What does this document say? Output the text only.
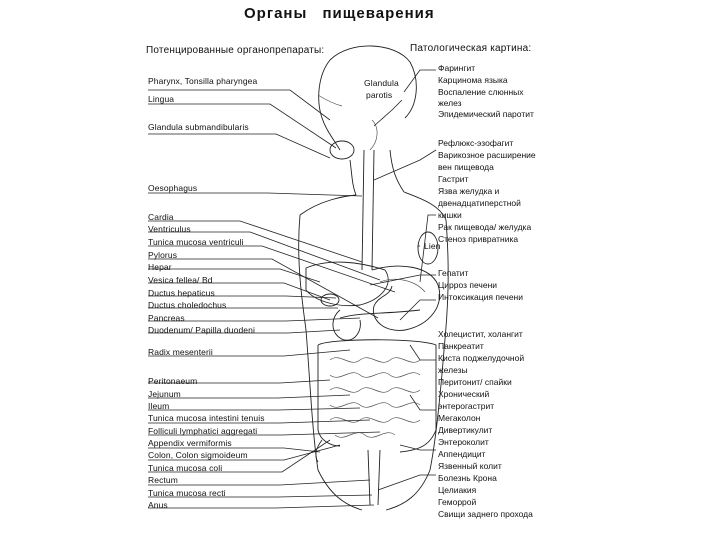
Органы пищеварения
Потенцированные органопрепараты:	Патологическая картина:
Pharynx, Tonsilla pharyngea
Lingua
Glandula submandibularis
Oesophagus
Cardia
Ventriculus
Tunica mucosa ventriculi
Pylorus
Hepar
Vesica fellea/ Bd
Ductus hepaticus
Ductus choledochus
Pancreas
Duodenum/ Papilla duodeni
Radix mesenterii
Peritonaeum
Jejunum
Ileum
Tunica mucosa intestini tenuis
Folliculi lymphatici aggregati
Appendix vermiformis
Colon, Colon sigmoideum
Tunica mucosa coli
Rectum
Tunica mucosa recti
Anus
Glandula
parotis
Lien
Фарингит
Карцинома языка
Воспаление слюнных
желез
Эпидемический паротит
Рефлюкс-эзофагит
Варикозное расширение
вен пищевода
Гастрит
Язва желудка и
двенадцатиперстной
кишки
Рак пищевода/ желудка
Стеноз привратника
Гепатит
Цирроз печени
Интоксикация печени
Холецистит, холангит
Панкреатит
Киста поджелудочной
железы
Перитонит/ спайки
Хронический
энтерогастрит
Мегаколон
Дивертикулит
Энтероколит
Аппендицит
Язвенный колит
Болезнь Крона
Целиакия
Геморрой
Свищи заднего прохода
